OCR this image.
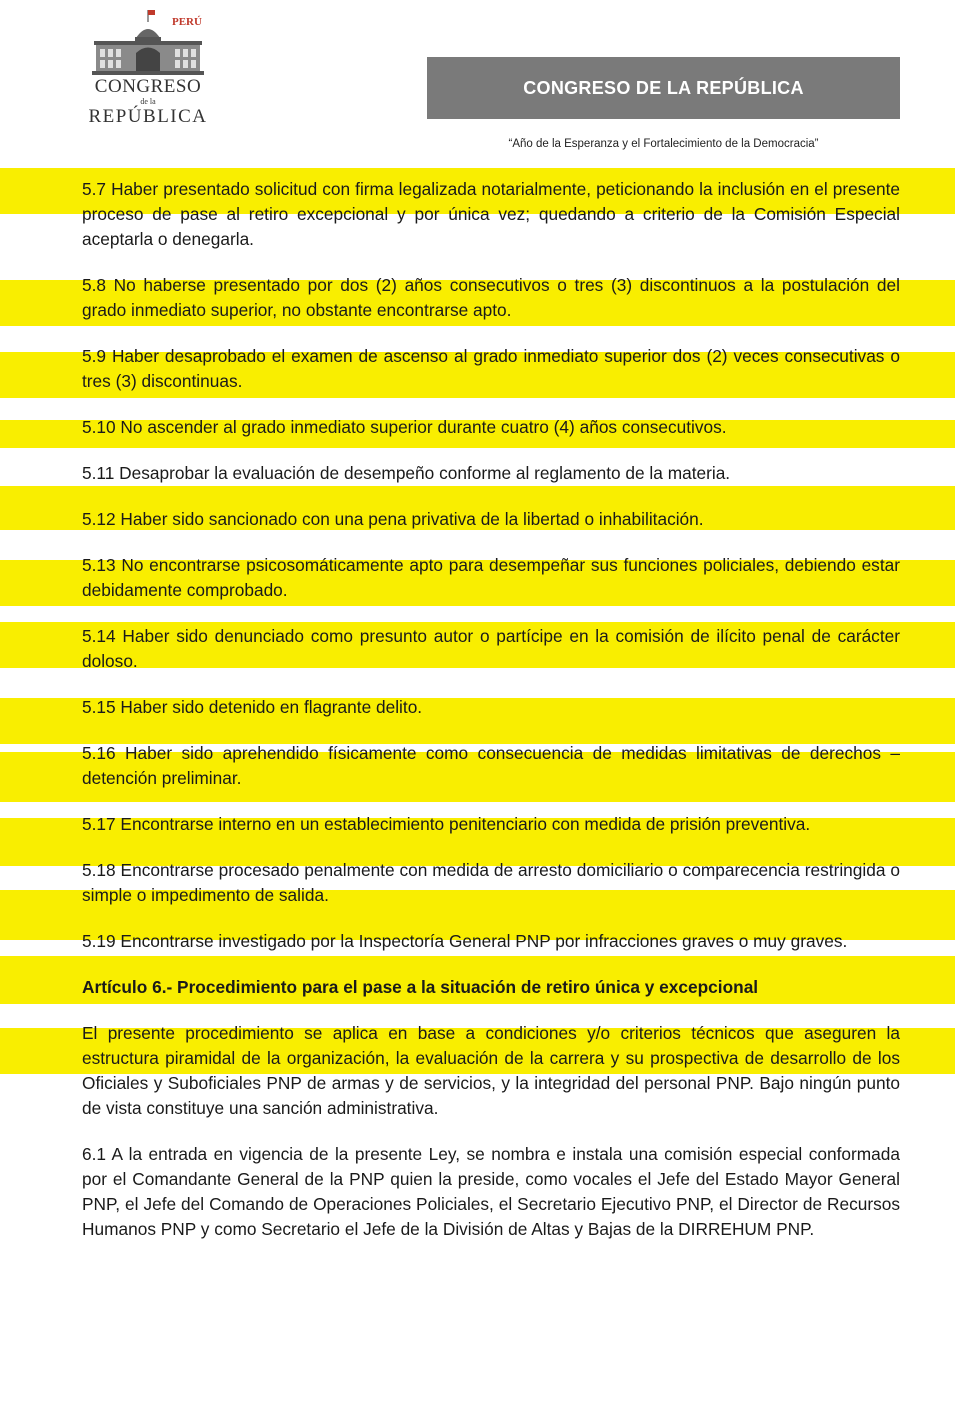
PERÚ
CONGRESO
de la
REPÚBLICA
CONGRESO DE LA REPÚBLICA
“Año de la Esperanza y el Fortalecimiento de la Democracia”

5.7 Haber presentado solicitud con firma legalizada notarialmente, peticionando la inclusión en el presente proceso de pase al retiro excepcional y por única vez; quedando a criterio de la Comisión Especial aceptarla o denegarla.

5.8 No haberse presentado por dos (2) años consecutivos o tres (3) discontinuos a la postulación del grado inmediato superior, no obstante encontrarse apto.

5.9 Haber desaprobado el examen de ascenso al grado inmediato superior dos (2) veces consecutivas o tres (3) discontinuas.

5.10 No ascender al grado inmediato superior durante cuatro (4) años consecutivos.

5.11 Desaprobar la evaluación de desempeño conforme al reglamento de la materia.

5.12 Haber sido sancionado con una pena privativa de la libertad o inhabilitación.

5.13 No encontrarse psicosomáticamente apto para desempeñar sus funciones policiales, debiendo estar debidamente comprobado.

5.14 Haber sido denunciado como presunto autor o partícipe en la comisión de ilícito penal de carácter doloso.

5.15 Haber sido detenido en flagrante delito.

5.16 Haber sido aprehendido físicamente como consecuencia de medidas limitativas de derechos – detención preliminar.

5.17 Encontrarse interno en un establecimiento penitenciario con medida de prisión preventiva.

5.18 Encontrarse procesado penalmente con medida de arresto domiciliario o comparecencia restringida o simple o impedimento de salida.

5.19 Encontrarse investigado por la Inspectoría General PNP por infracciones graves o muy graves.

Artículo 6.- Procedimiento para el pase a la situación de retiro única y excepcional

El presente procedimiento se aplica en base a condiciones y/o criterios técnicos que aseguren la estructura piramidal de la organización, la evaluación de la carrera y su prospectiva de desarrollo de los Oficiales y Suboficiales PNP de armas y de servicios, y la integridad del personal PNP. Bajo ningún punto de vista constituye una sanción administrativa.

6.1 A la entrada en vigencia de la presente Ley, se nombra e instala una comisión especial conformada por el Comandante General de la PNP quien la preside, como vocales el Jefe del Estado Mayor General PNP, el Jefe del Comando de Operaciones Policiales, el Secretario Ejecutivo PNP, el Director de Recursos Humanos PNP y como Secretario el Jefe de la División de Altas y Bajas de la DIRREHUM PNP.
